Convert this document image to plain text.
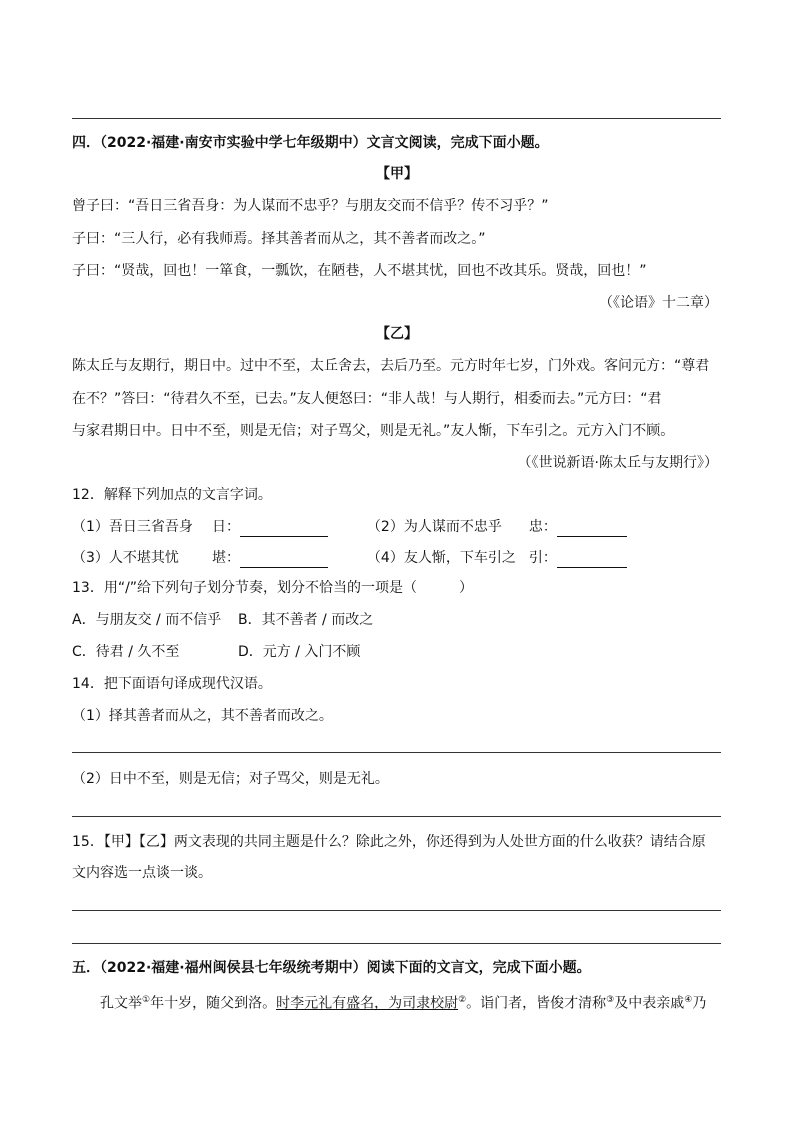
四．（2022·福建·南安市实验中学七年级期中）文言文阅读，完成下面小题。
【甲】
曾子曰：“吾日三省吾身：为人谋而不忠乎？与朋友交而不信乎？传不习乎？”
子曰：“三人行，必有我师焉。择其善者而从之，其不善者而改之。”
子曰：“贤哉，回也！一箪食，一瓢饮，在陋巷，人不堪其忧，回也不改其乐。贤哉，回也！”
（《论语》十二章）
【乙】
陈太丘与友期行，期日中。过中不至，太丘舍去，去后乃至。元方时年七岁，门外戏。客问元方：“尊君
在不？”答曰：“待君久不至，已去。”友人便怒曰：“非人哉！与人期行，相委而去。”元方曰：“君
与家君期日中。日中不至，则是无信；对子骂父，则是无礼。”友人惭，下车引之。元方入门不顾。
（《世说新语·陈太丘与友期行》）
12．解释下列加点的文言字词。
（1）吾日三省吾身 日：	（2）为人谋而不忠乎 忠：
（3）人不堪其忧 堪：	（4）友人惭，下车引之 引：
13．用“/”给下列句子划分节奏，划分不恰当的一项是（　　　）
A．与朋友交 / 而不信乎 B．其不善者 / 而改之
C．待君 / 久不至	D．元方 / 入门不顾
14．把下面语句译成现代汉语。
（1）择其善者而从之，其不善者而改之。
（2）日中不至，则是无信；对子骂父，则是无礼。
15．【甲】【乙】两文表现的共同主题是什么？除此之外，你还得到为人处世方面的什么收获？请结合原
文内容选一点谈一谈。
五．（2022·福建·福州闽侯县七年级统考期中）阅读下面的文言文，完成下面小题。
孔文举①年十岁，随父到洛。时李元礼有盛名，为司隶校尉②。诣门者，皆俊才清称③及中表亲戚④乃
